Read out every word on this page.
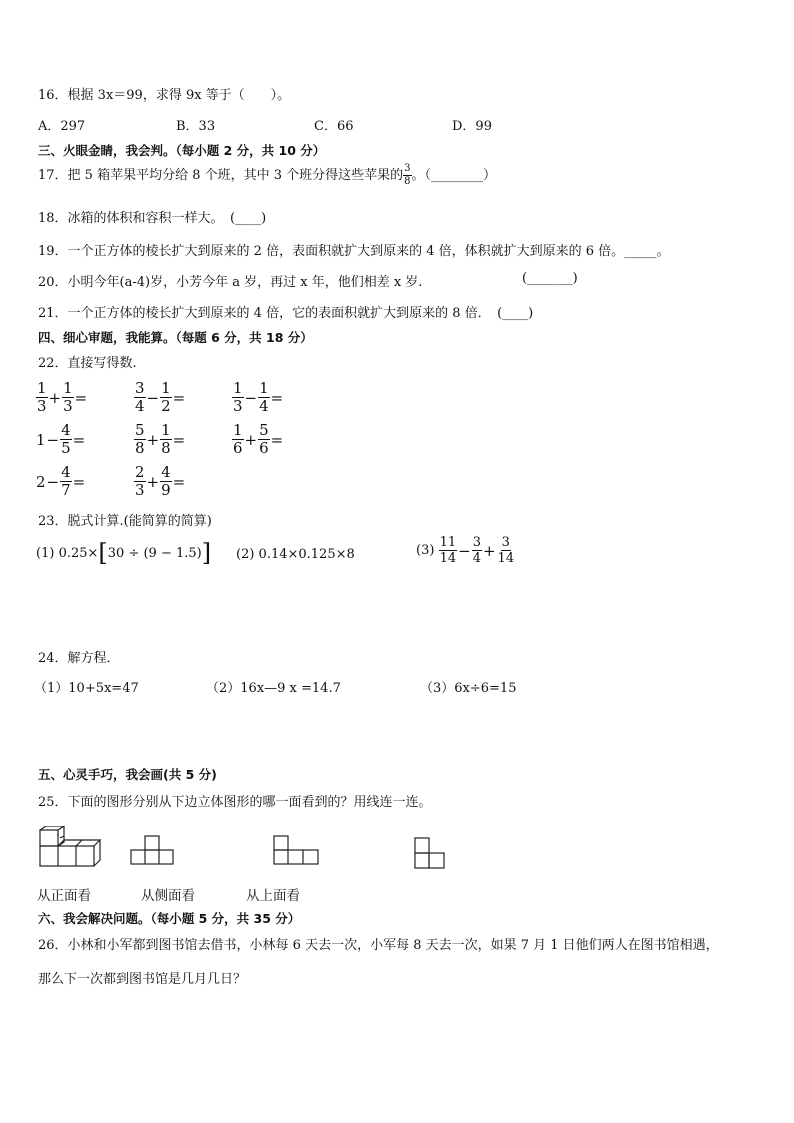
16．根据 3x＝99，求得 9x 等于（　　）。
A．297	B．33	C．66	D．99
三、火眼金睛，我会判。（每小题 2 分，共 10 分）
17．把 5 箱苹果平均分给 8 个班，其中 3 个班分得这些苹果的 $\frac{3}{8}$ 。（________）
18．冰箱的体积和容积一样大。　(____)
19．一个正方体的棱长扩大到原来的 2 倍，表面积就扩大到原来的 4 倍，体积就扩大到原来的 6 倍。_____。
20．小明今年(a-4)岁，小芳今年 a 岁，再过 x 年，他们相差 x 岁.	(_______)
21．一个正方体的棱长扩大到原来的 4 倍，它的表面积就扩大到原来的 8 倍．　(____)
四、细心审题，我能算。（每题 6 分，共 18 分）
22．直接写得数.
$\frac{1}{3} + \frac{1}{3}$ =	$\frac{3}{4} - \frac{1}{2}$ =	$\frac{1}{3} - \frac{1}{4}$ =
$1 - \frac{4}{5}$ =	$\frac{5}{8} + \frac{1}{8}$ =	$\frac{1}{6} + \frac{5}{6}$ =
$2 - \frac{4}{7}$ =	$\frac{2}{3} + \frac{4}{9}$ =
23．脱式计算.(能简算的简算)
(1)
0.25× [ 30 ÷ (9 − 1.5) ] (2) 0.14×0.125×8	(3)
$\frac{11}{14} - \frac{3}{4} + \frac{3}{14}$
24．解方程．
（1）10+5x=47	（2）16x—9 x =14.7	（3）6x÷6=15
五、心灵手巧，我会画(共 5 分)
25．下面的图形分别从下边立体图形的哪一面看到的？用线连一连。
从正面看	从侧面看	从上面看
六、我会解决问题。（每小题 5 分，共 35 分）
26．小林和小军都到图书馆去借书，小林每 6 天去一次，小军每 8 天去一次，如果 7 月 1 日他们两人在图书馆相遇，
那么下一次都到图书馆是几月几日？
